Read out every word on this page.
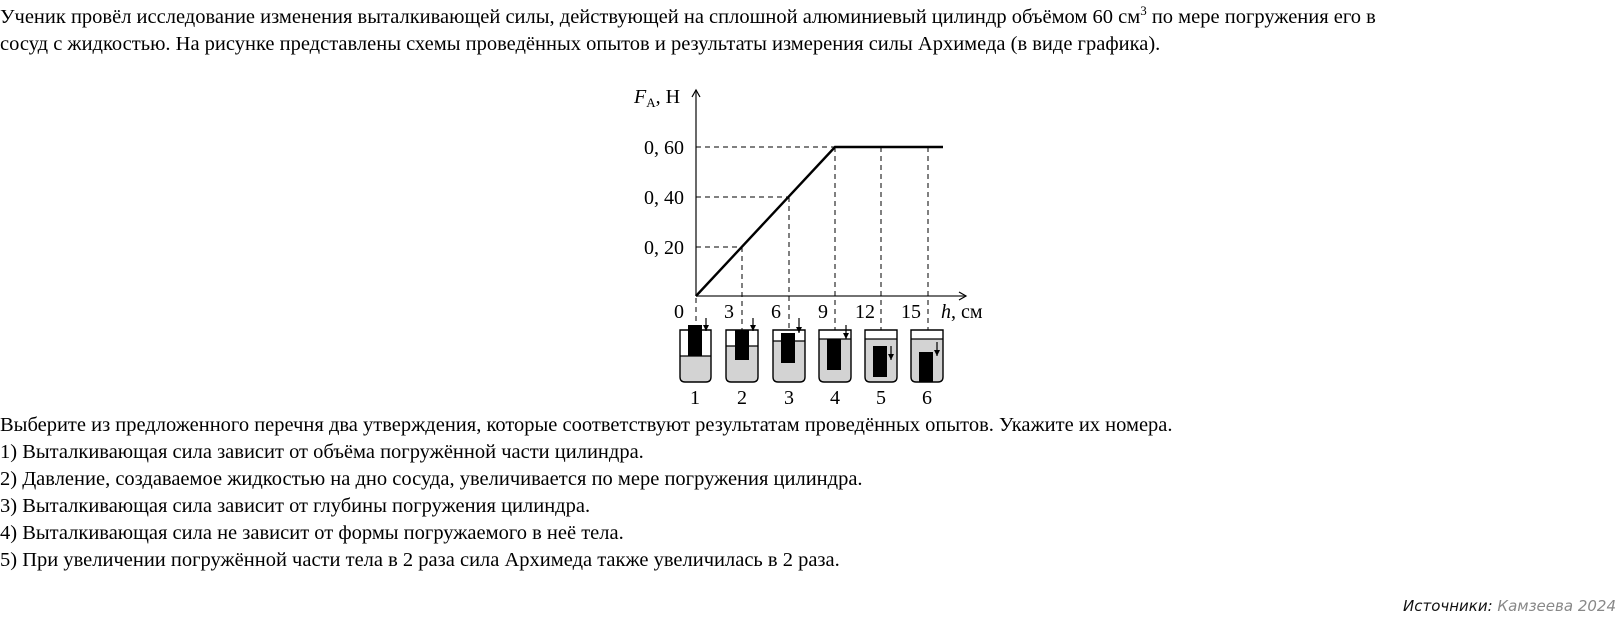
Ученик провёл исследование изменения выталкивающей силы, действующей на сплошной алюминиевый цилиндр объёмом 60 $см^3$ по мере погружения его в
сосуд с жидкостью. На рисунке представлены схемы проведённых опытов и результаты измерения силы Архимеда (в виде графика).
$F_A$, Н
0, 20
0, 40
0, 60
0 3 6 9 12 15 h, см
1 2 3 4 5 6
Выберите из предложенного перечня два утверждения, которые соответствуют результатам проведённых опытов. Укажите их номера.
1) Выталкивающая сила зависит от объёма погружённой части цилиндра.
2) Давление, создаваемое жидкостью на дно сосуда, увеличивается по мере погружения цилиндра.
3) Выталкивающая сила зависит от глубины погружения цилиндра.
4) Выталкивающая сила не зависит от формы погружаемого в неё тела.
5) При увеличении погружённой части тела в 2 раза сила Архимеда также увеличилась в 2 раза.
Источники: Камзеева 2024
